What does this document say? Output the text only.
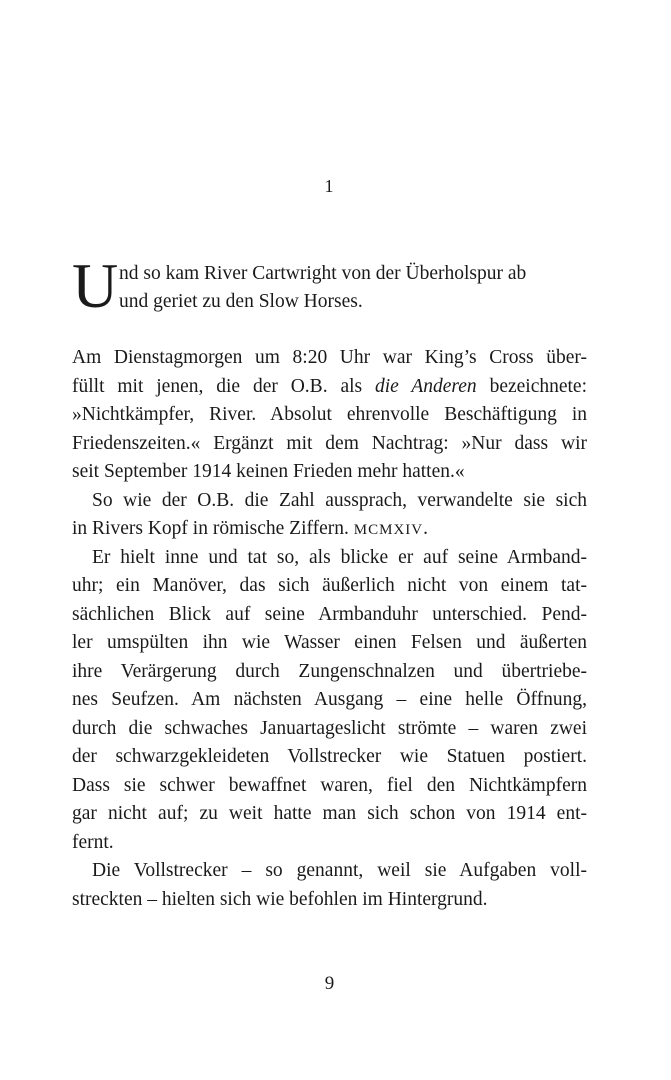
1
U nd so kam River Cartwright von der Überholspur ab
und geriet zu den Slow Horses.
Am Dienstagmorgen um 8:20 Uhr war King’s Cross über-
füllt mit jenen, die der O.B. als die Anderen bezeichnete:
»Nichtkämpfer, River. Absolut ehrenvolle Beschäftigung in
Friedenszeiten.« Ergänzt mit dem Nachtrag: »Nur dass wir
seit September 1914 keinen Frieden mehr hatten.«
So wie der O.B. die Zahl aussprach, verwandelte sie sich
in Rivers Kopf in römische Ziffern. MCMXIV.
Er hielt inne und tat so, als blicke er auf seine Armband-
uhr; ein Manöver, das sich äußerlich nicht von einem tat-
sächlichen Blick auf seine Armbanduhr unterschied. Pend-
ler umspülten ihn wie Wasser einen Felsen und äußerten
ihre Verärgerung durch Zungenschnalzen und übertriebe-
nes Seufzen. Am nächsten Ausgang – eine helle Öffnung,
durch die schwaches Januartageslicht strömte – waren zwei
der schwarzgekleideten Vollstrecker wie Statuen postiert.
Dass sie schwer bewaffnet waren, fiel den Nichtkämpfern
gar nicht auf; zu weit hatte man sich schon von 1914 ent-
fernt.
Die Vollstrecker – so genannt, weil sie Aufgaben voll-
streckten – hielten sich wie befohlen im Hintergrund.
9
